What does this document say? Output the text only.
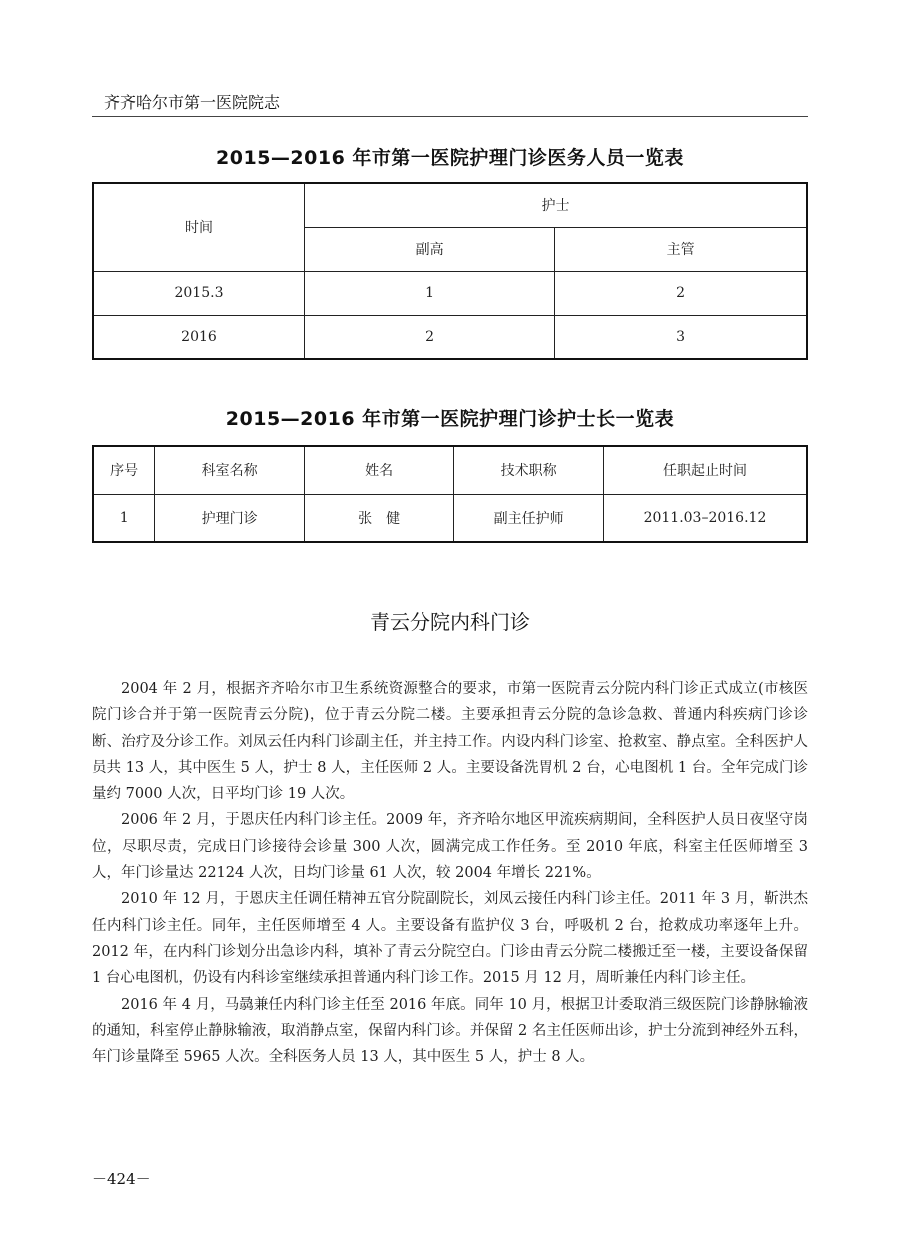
齐齐哈尔市第一医院院志
2015—2016 年市第一医院护理门诊医务人员一览表
时间	护士	
	副高	主管
2015.3	1	2
2016	2	3
2015—2016 年市第一医院护理门诊护士长一览表
序号	科室名称	姓名	技术职称	任职起止时间
1	护理门诊	张　健	副主任护师	2011.03–2016.12
青云分院内科门诊

2004 年 2 月，根据齐齐哈尔市卫生系统资源整合的要求，市第一医院青云分院内科门诊正式成立(市核医院门诊合并于第一医院青云分院)，位于青云分院二楼。主要承担青云分院的急诊急救、普通内科疾病门诊诊断、治疗及分诊工作。刘凤云任内科门诊副主任，并主持工作。内设内科门诊室、抢救室、静点室。全科医护人员共 13 人，其中医生 5 人，护士 8 人，主任医师 2 人。主要设备洗胃机 2 台，心电图机 1 台。全年完成门诊量约 7000 人次，日平均门诊 19 人次。

2006 年 2 月，于恩庆任内科门诊主任。2009 年，齐齐哈尔地区甲流疾病期间，全科医护人员日夜坚守岗位，尽职尽责，完成日门诊接待会诊量 300 人次，圆满完成工作任务。至 2010 年底，科室主任医师增至 3 人，年门诊量达 22124 人次，日均门诊量 61 人次，较 2004 年增长 221%。

2010 年 12 月，于恩庆主任调任精神五官分院副院长，刘凤云接任内科门诊主任。2011 年 3 月，靳洪杰任内科门诊主任。同年，主任医师增至 4 人。主要设备有监护仪 3 台，呼吸机 2 台，抢救成功率逐年上升。2012 年，在内科门诊划分出急诊内科，填补了青云分院空白。门诊由青云分院二楼搬迁至一楼，主要设备保留 1 台心电图机，仍设有内科诊室继续承担普通内科门诊工作。2015 月 12 月，周昕兼任内科门诊主任。

2016 年 4 月，马骉兼任内科门诊主任至 2016 年底。同年 10 月，根据卫计委取消三级医院门诊静脉输液的通知，科室停止静脉输液，取消静点室，保留内科门诊。并保留 2 名主任医师出诊，护士分流到神经外五科，年门诊量降至 5965 人次。全科医务人员 13 人，其中医生 5 人，护士 8 人。

－424－
